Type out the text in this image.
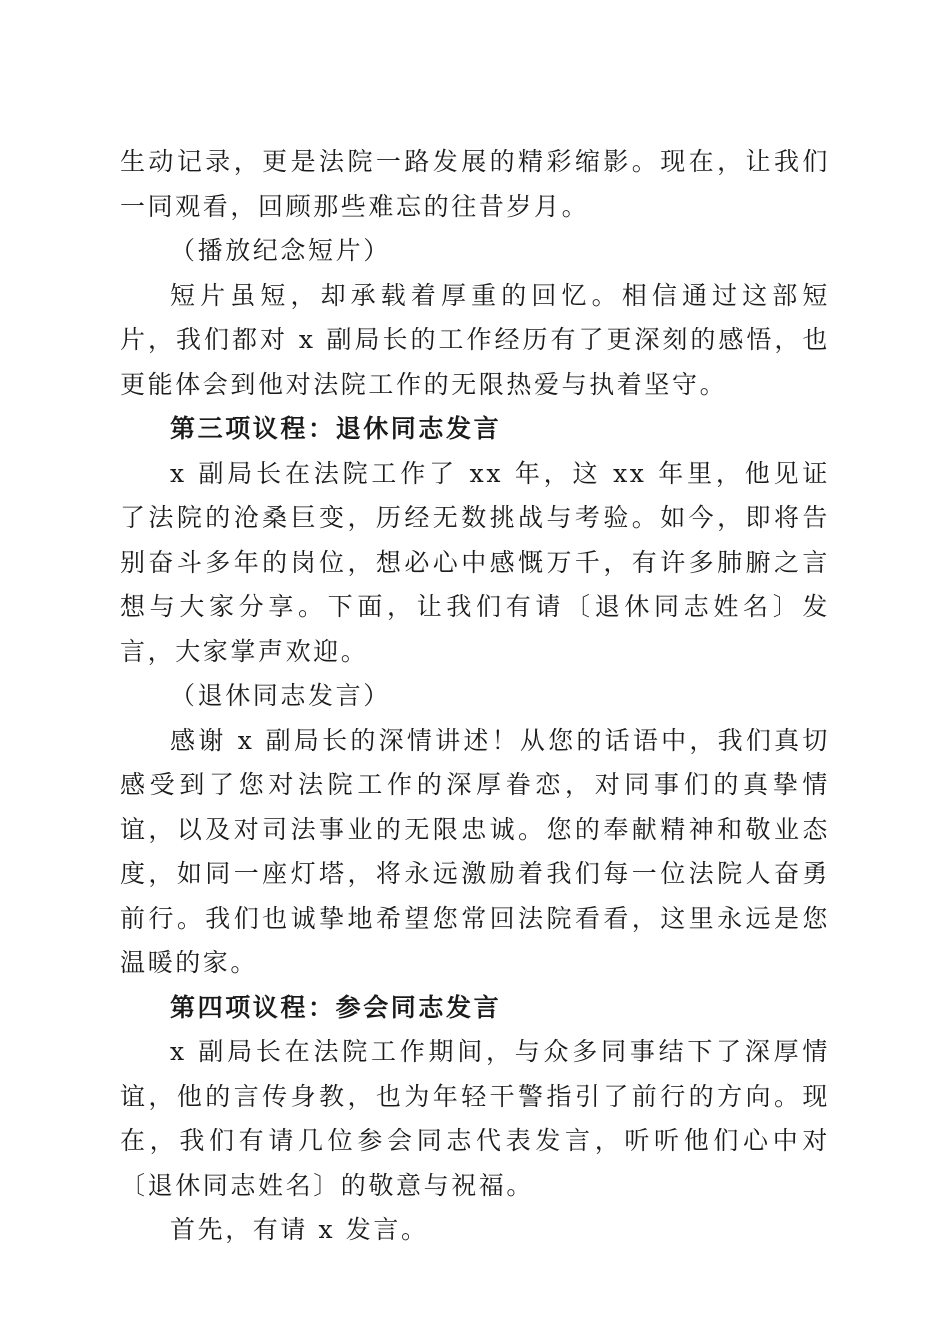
生动记录，更是法院一路发展的精彩缩影。现在，让我们一同观看，回顾那些难忘的往昔岁月。

（播放纪念短片）

短片虽短，却承载着厚重的回忆。相信通过这部短片，我们都对 x 副局长的工作经历有了更深刻的感悟，也更能体会到他对法院工作的无限热爱与执着坚守。

第三项议程：退休同志发言

x 副局长在法院工作了 xx 年，这 xx 年里，他见证了法院的沧桑巨变，历经无数挑战与考验。如今，即将告别奋斗多年的岗位，想必心中感慨万千，有许多肺腑之言想与大家分享。下面，让我们有请〔退休同志姓名〕发言，大家掌声欢迎。

（退休同志发言）

感谢 x 副局长的深情讲述！从您的话语中，我们真切感受到了您对法院工作的深厚眷恋，对同事们的真挚情谊，以及对司法事业的无限忠诚。您的奉献精神和敬业态度，如同一座灯塔，将永远激励着我们每一位法院人奋勇前行。我们也诚挚地希望您常回法院看看，这里永远是您温暖的家。

第四项议程：参会同志发言

x 副局长在法院工作期间，与众多同事结下了深厚情谊，他的言传身教，也为年轻干警指引了前行的方向。现在，我们有请几位参会同志代表发言，听听他们心中对〔退休同志姓名〕的敬意与祝福。

首先，有请 x 发言。
